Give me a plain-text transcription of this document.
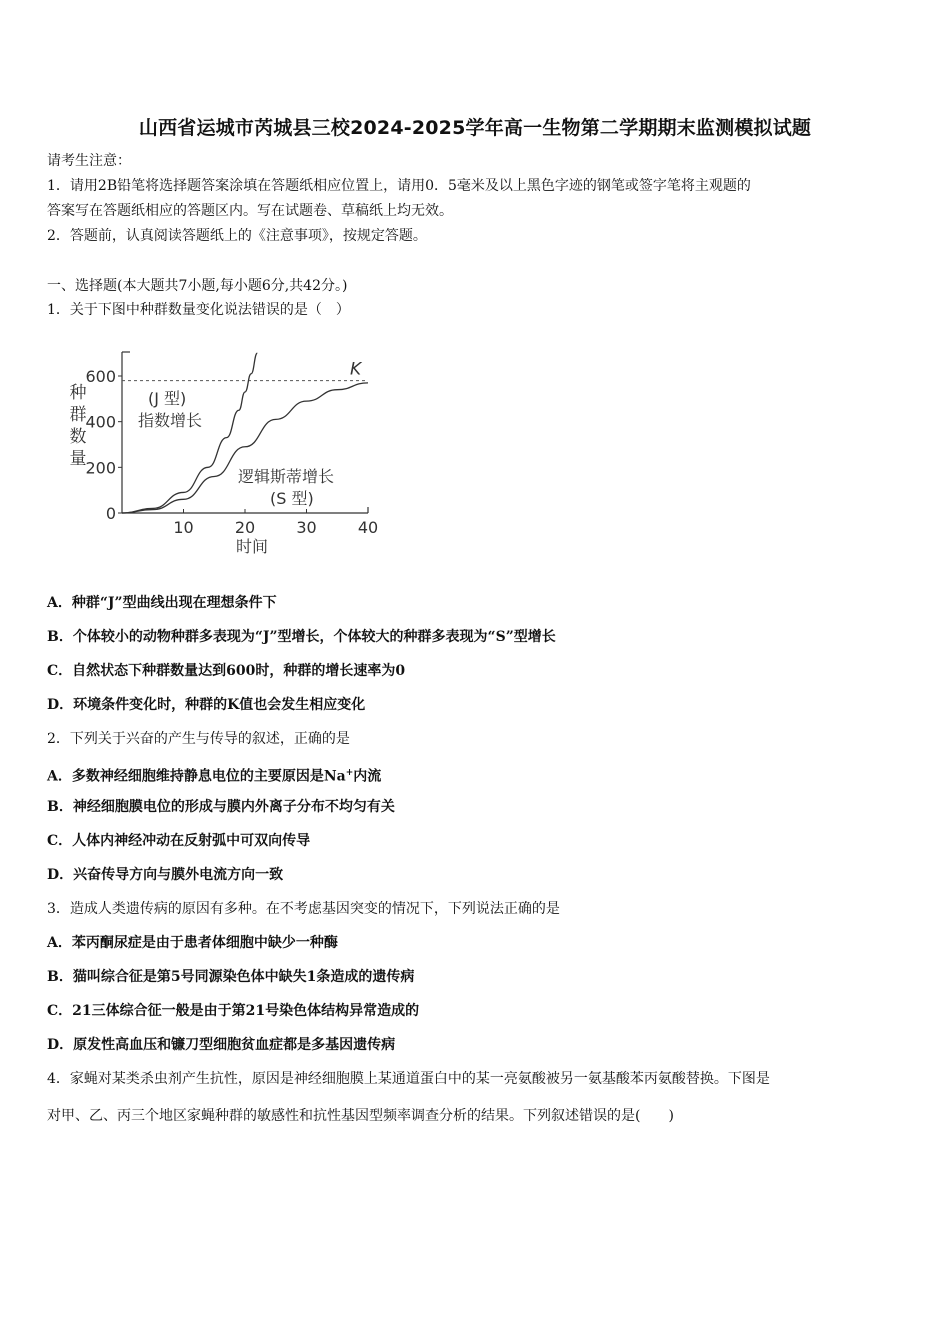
山西省运城市芮城县三校2024-2025学年高一生物第二学期期末监测模拟试题
请考生注意：
1．请用2B铅笔将选择题答案涂填在答题纸相应位置上，请用0．5毫米及以上黑色字迹的钢笔或签字笔将主观题的
答案写在答题纸相应的答题区内。写在试题卷、草稿纸上均无效。
2．答题前，认真阅读答题纸上的《注意事项》，按规定答题。
一、选择题(本大题共7小题,每小题6分,共42分。)
1．关于下图中种群数量变化说法错误的是（　）
0
200
400
600
10	20	30	40
K
(J 型)
指数增长
逻辑斯蒂增长
(S 型)
种
群
数
量
时间
A．种群“J”型曲线出现在理想条件下
B．个体较小的动物种群多表现为“J”型增长，个体较大的种群多表现为“S”型增长
C．自然状态下种群数量达到600时，种群的增长速率为0
D．环境条件变化时，种群的K值也会发生相应变化
2．下列关于兴奋的产生与传导的叙述，正确的是
A．多数神经细胞维持静息电位的主要原因是Na+内流
B．神经细胞膜电位的形成与膜内外离子分布不均匀有关
C．人体内神经冲动在反射弧中可双向传导
D．兴奋传导方向与膜外电流方向一致
3．造成人类遗传病的原因有多种。在不考虑基因突变的情况下，下列说法正确的是
A．苯丙酮尿症是由于患者体细胞中缺少一种酶
B．猫叫综合征是第5号同源染色体中缺失1条造成的遗传病
C．21三体综合征一般是由于第21号染色体结构异常造成的
D．原发性高血压和镰刀型细胞贫血症都是多基因遗传病
4．家蝇对某类杀虫剂产生抗性，原因是神经细胞膜上某通道蛋白中的某一亮氨酸被另一氨基酸苯丙氨酸替换。下图是
对甲、乙、丙三个地区家蝇种群的敏感性和抗性基因型频率调查分析的结果。下列叙述错误的是(　　)
